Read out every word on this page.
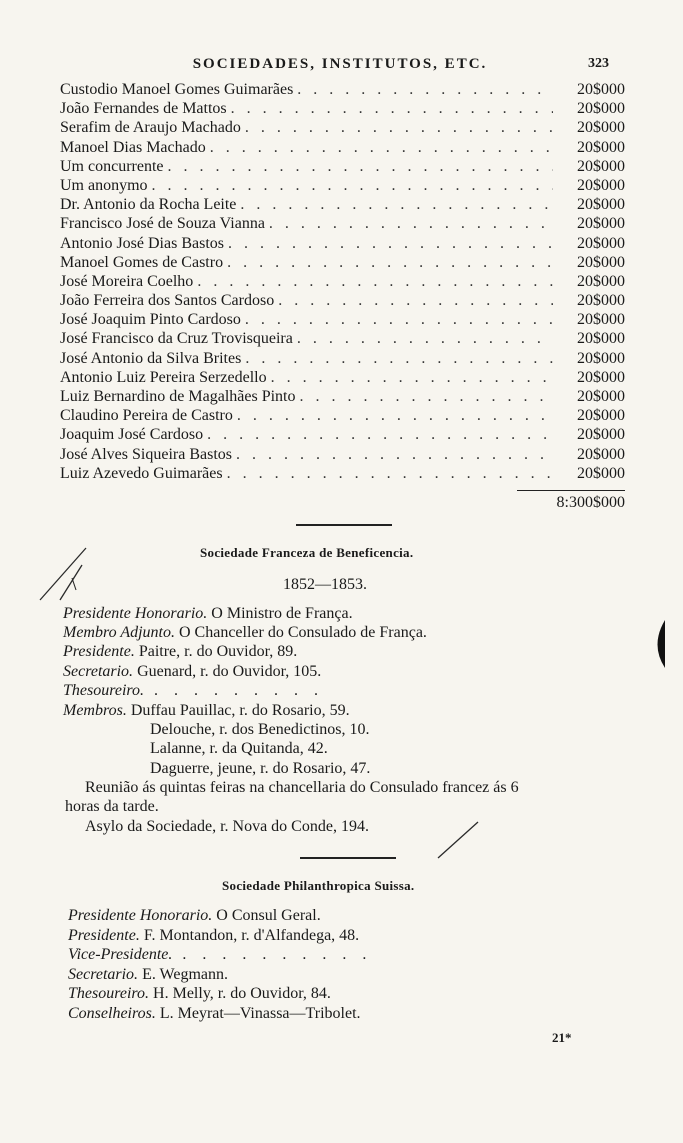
SOCIEDADES, INSTITUTOS, ETC.	323
Custodio Manoel Gomes Guimarães . . .	20$000
João Fernandes de Mattos . . .	20$000
Serafim de Araujo Machado . . .	20$000
Manoel Dias Machado . . .	20$000
Um concurrente . . .	20$000
Um anonymo . . .	20$000
Dr. Antonio da Rocha Leite . . .	20$000
Francisco José de Souza Vianna . . .	20$000
Antonio José Dias Bastos . . .	20$000
Manoel Gomes de Castro . . .	20$000
José Moreira Coelho . . .	20$000
João Ferreira dos Santos Cardoso . . .	20$000
José Joaquim Pinto Cardoso . . .	20$000
José Francisco da Cruz Trovisqueira . . .	20$000
José Antonio da Silva Brites . . .	20$000
Antonio Luiz Pereira Serzedello . . .	20$000
Luiz Bernardino de Magalhães Pinto . . .	20$000
Claudino Pereira de Castro . . .	20$000
Joaquim José Cardoso . . .	20$000
José Alves Siqueira Bastos . . .	20$000
Luiz Azevedo Guimarães . . .	20$000
8:300$000
Sociedade Franceza de Beneficencia.
1852—1853.
Presidente Honorario. O Ministro de França.
Membro Adjunto. O Chanceller do Consulado de França.
Presidente. Paitre, r. do Ouvidor, 89.
Secretario. Guenard, r. do Ouvidor, 105.
Thesoureiro. . . . . . . . . .
Membros. Duffau Pauillac, r. do Rosario, 59.
Delouche, r. dos Benedictinos, 10.
Lalanne, r. da Quitanda, 42.
Daguerre, jeune, r. do Rosario, 47.
Reunião ás quintas feiras na chancellaria do Consulado francez ás 6
horas da tarde.
Asylo da Sociedade, r. Nova do Conde, 194.
Sociedade Philanthropica Suissa.
Presidente Honorario. O Consul Geral.
Presidente. F. Montandon, r. d'Alfandega, 48.
Vice-Presidente. . . . . . . . . . .
Secretario. E. Wegmann.
Thesoureiro. H. Melly, r. do Ouvidor, 84.
Conselheiros. L. Meyrat—Vinassa—Tribolet.
21*
